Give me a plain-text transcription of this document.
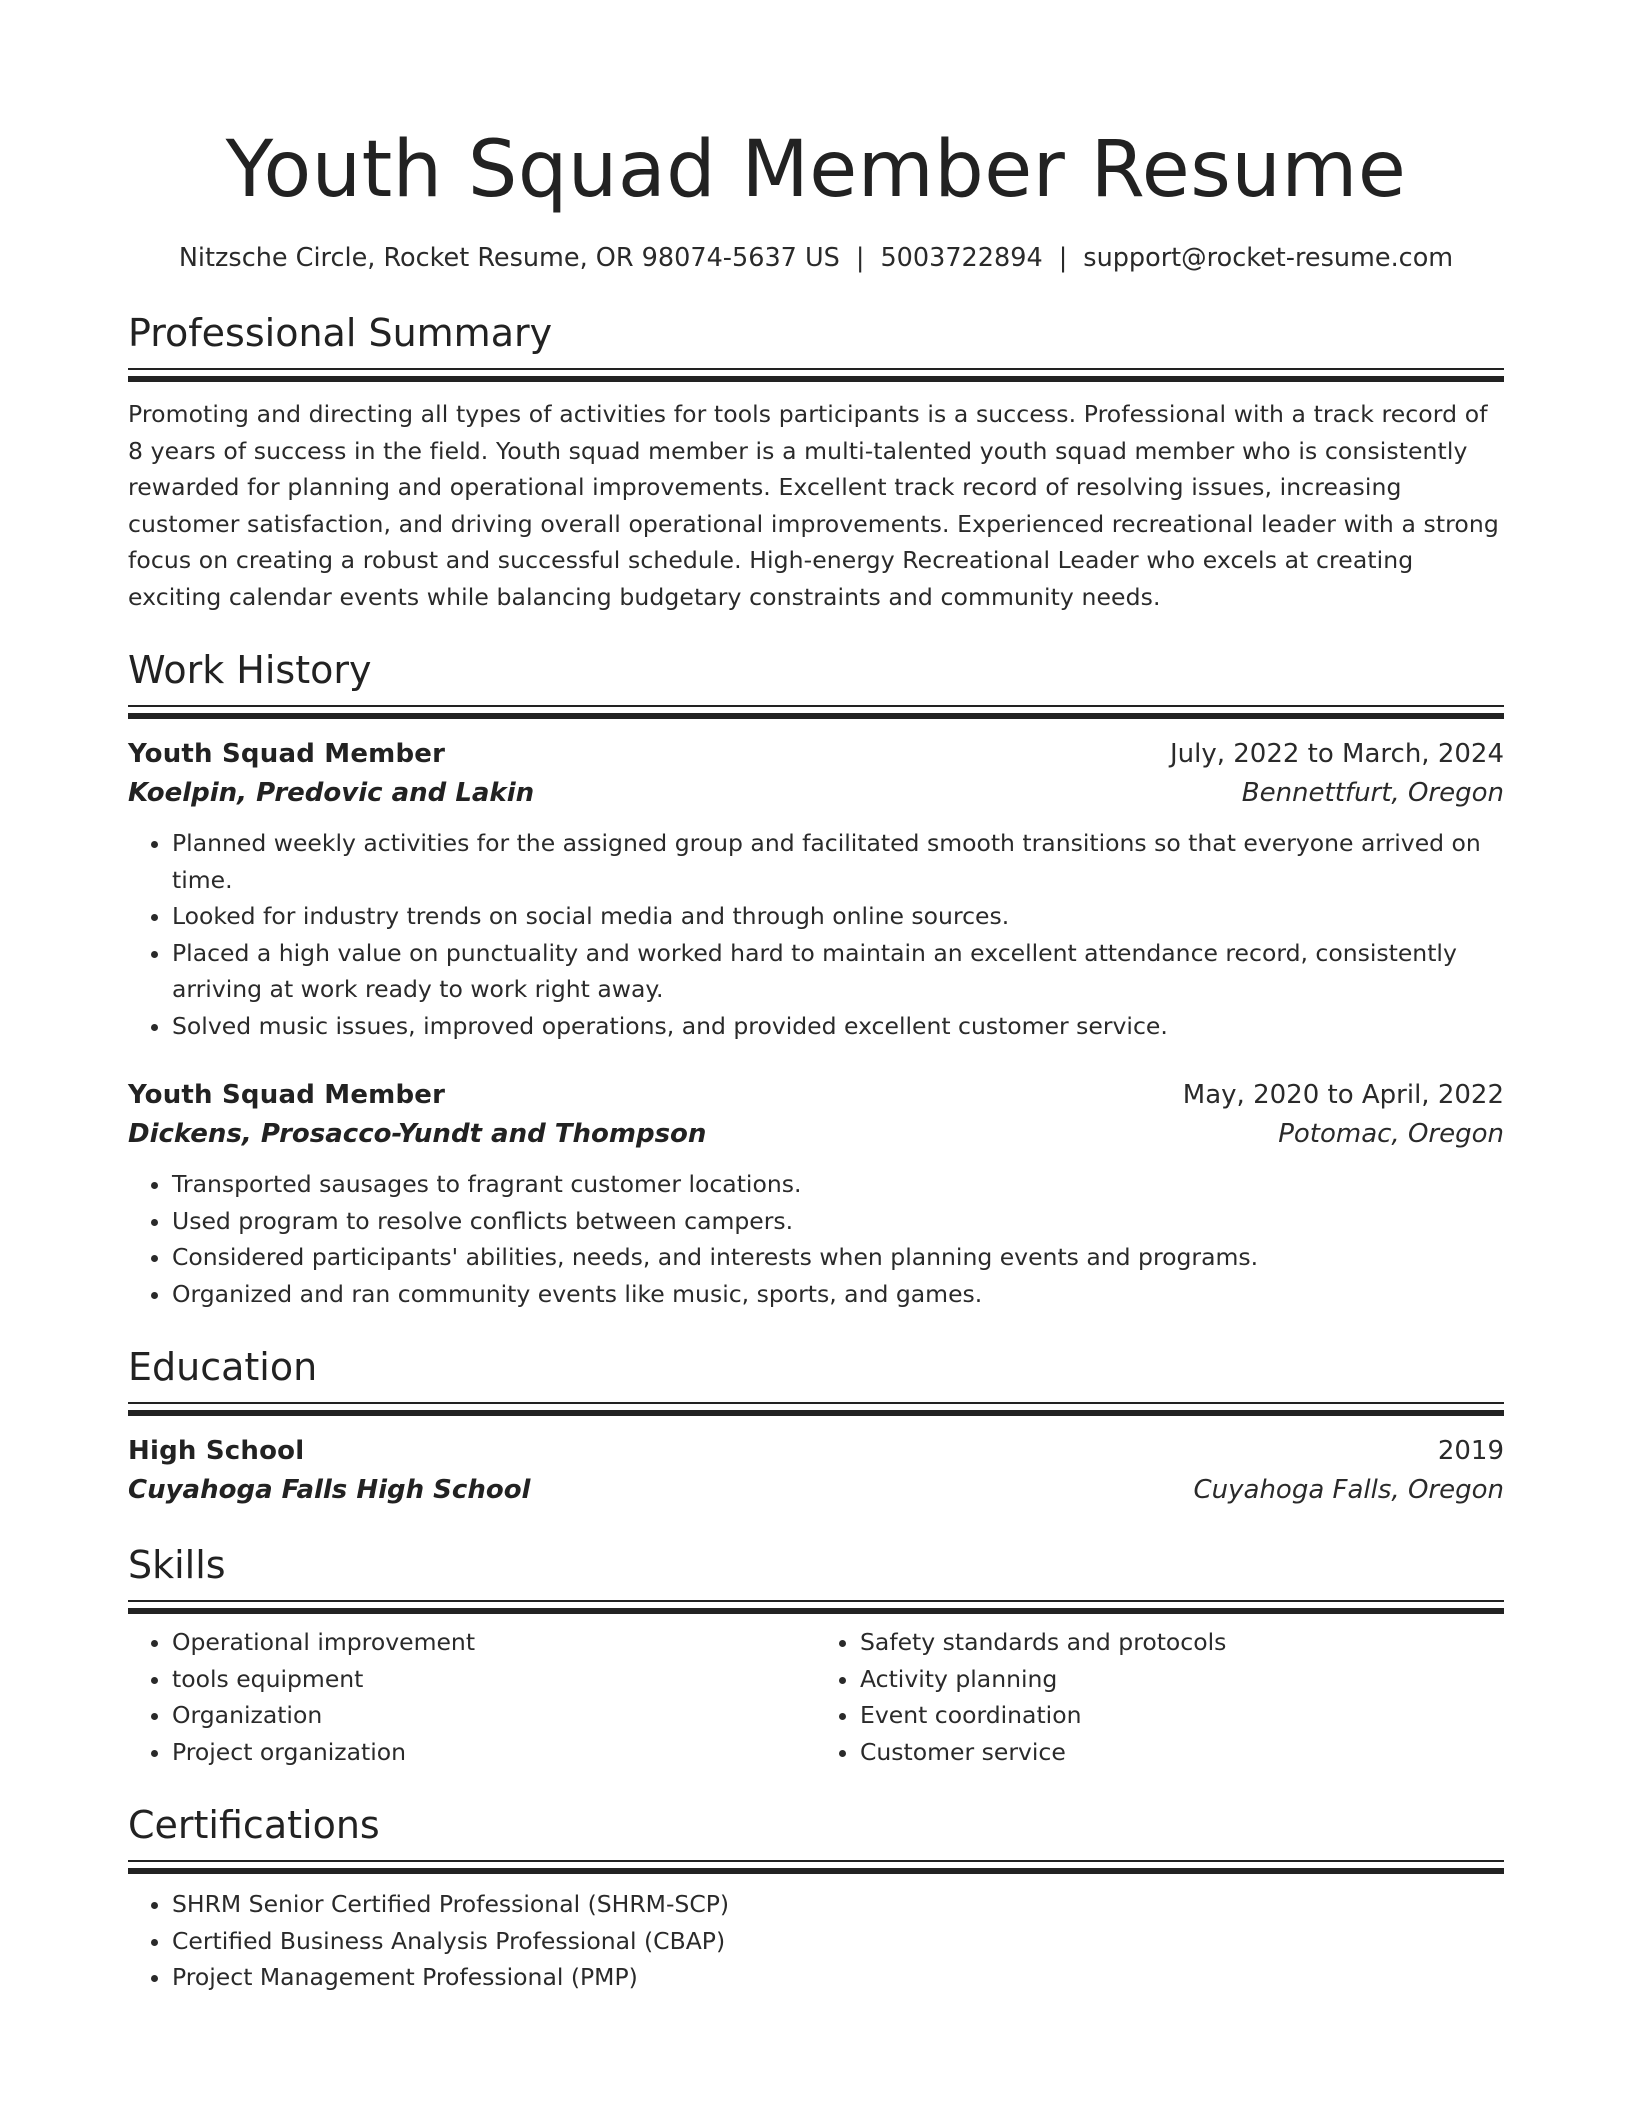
Youth Squad Member Resume
Nitzsche Circle, Rocket Resume, OR 98074-5637 US | 5003722894 | support@rocket-resume.com
Professional Summary
Promoting and directing all types of activities for tools participants is a success. Professional with a track record of 8 years of success in the field. Youth squad member is a multi-talented youth squad member who is consistently rewarded for planning and operational improvements. Excellent track record of resolving issues, increasing customer satisfaction, and driving overall operational improvements. Experienced recreational leader with a strong focus on creating a robust and successful schedule. High-energy Recreational Leader who excels at creating exciting calendar events while balancing budgetary constraints and community needs.
Work History
Youth Squad Member	July, 2022 to March, 2024
Koelpin, Predovic and Lakin	Bennettfurt, Oregon
• Planned weekly activities for the assigned group and facilitated smooth transitions so that everyone arrived on time.
• Looked for industry trends on social media and through online sources.
• Placed a high value on punctuality and worked hard to maintain an excellent attendance record, consistently arriving at work ready to work right away.
• Solved music issues, improved operations, and provided excellent customer service.
Youth Squad Member	May, 2020 to April, 2022
Dickens, Prosacco-Yundt and Thompson	Potomac, Oregon
• Transported sausages to fragrant customer locations.
• Used program to resolve conflicts between campers.
• Considered participants' abilities, needs, and interests when planning events and programs.
• Organized and ran community events like music, sports, and games.
Education
High School	2019
Cuyahoga Falls High School	Cuyahoga Falls, Oregon
Skills
• Operational improvement
• tools equipment
• Organization
• Project organization
• Safety standards and protocols
• Activity planning
• Event coordination
• Customer service
Certifications
• SHRM Senior Certified Professional (SHRM-SCP)
• Certified Business Analysis Professional (CBAP)
• Project Management Professional (PMP)
